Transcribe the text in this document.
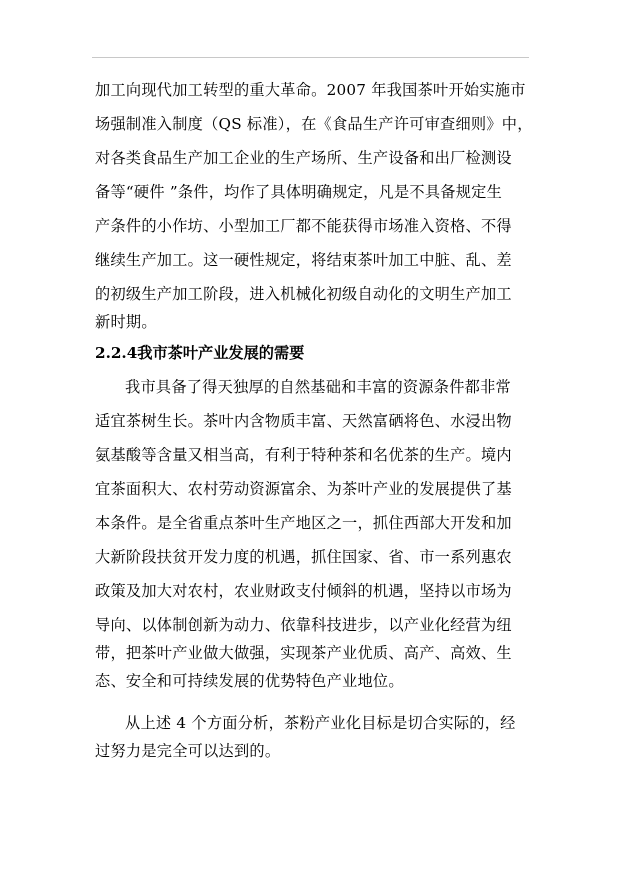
加工向现代加工转型的重大革命。2007 年我国茶叶开始实施市
场强制准入制度（QS 标准），在《食品生产许可审查细则》中，
对各类食品生产加工企业的生产场所、生产设备和出厂检测设
备等“硬件 ”条件，均作了具体明确规定，凡是不具备规定生
产条件的小作坊、小型加工厂都不能获得市场准入资格、不得
继续生产加工。这一硬性规定，将结束茶叶加工中脏、乱、差
的初级生产加工阶段，进入机械化初级自动化的文明生产加工
新时期。
2.2.4我市茶叶产业发展的需要
我市具备了得天独厚的自然基础和丰富的资源条件都非常
适宜茶树生长。茶叶内含物质丰富、天然富硒将色、水浸出物
氨基酸等含量又相当高，有利于特种茶和名优茶的生产。境内
宜茶面积大、农村劳动资源富余、为茶叶产业的发展提供了基
本条件。是全省重点茶叶生产地区之一，抓住西部大开发和加
大新阶段扶贫开发力度的机遇，抓住国家、省、市一系列惠农
政策及加大对农村，农业财政支付倾斜的机遇，坚持以市场为
导向、以体制创新为动力、依靠科技进步，以产业化经营为纽
带，把茶叶产业做大做强，实现茶产业优质、高产、高效、生
态、安全和可持续发展的优势特色产业地位。
从上述 4 个方面分析，茶粉产业化目标是切合实际的，经
过努力是完全可以达到的。
